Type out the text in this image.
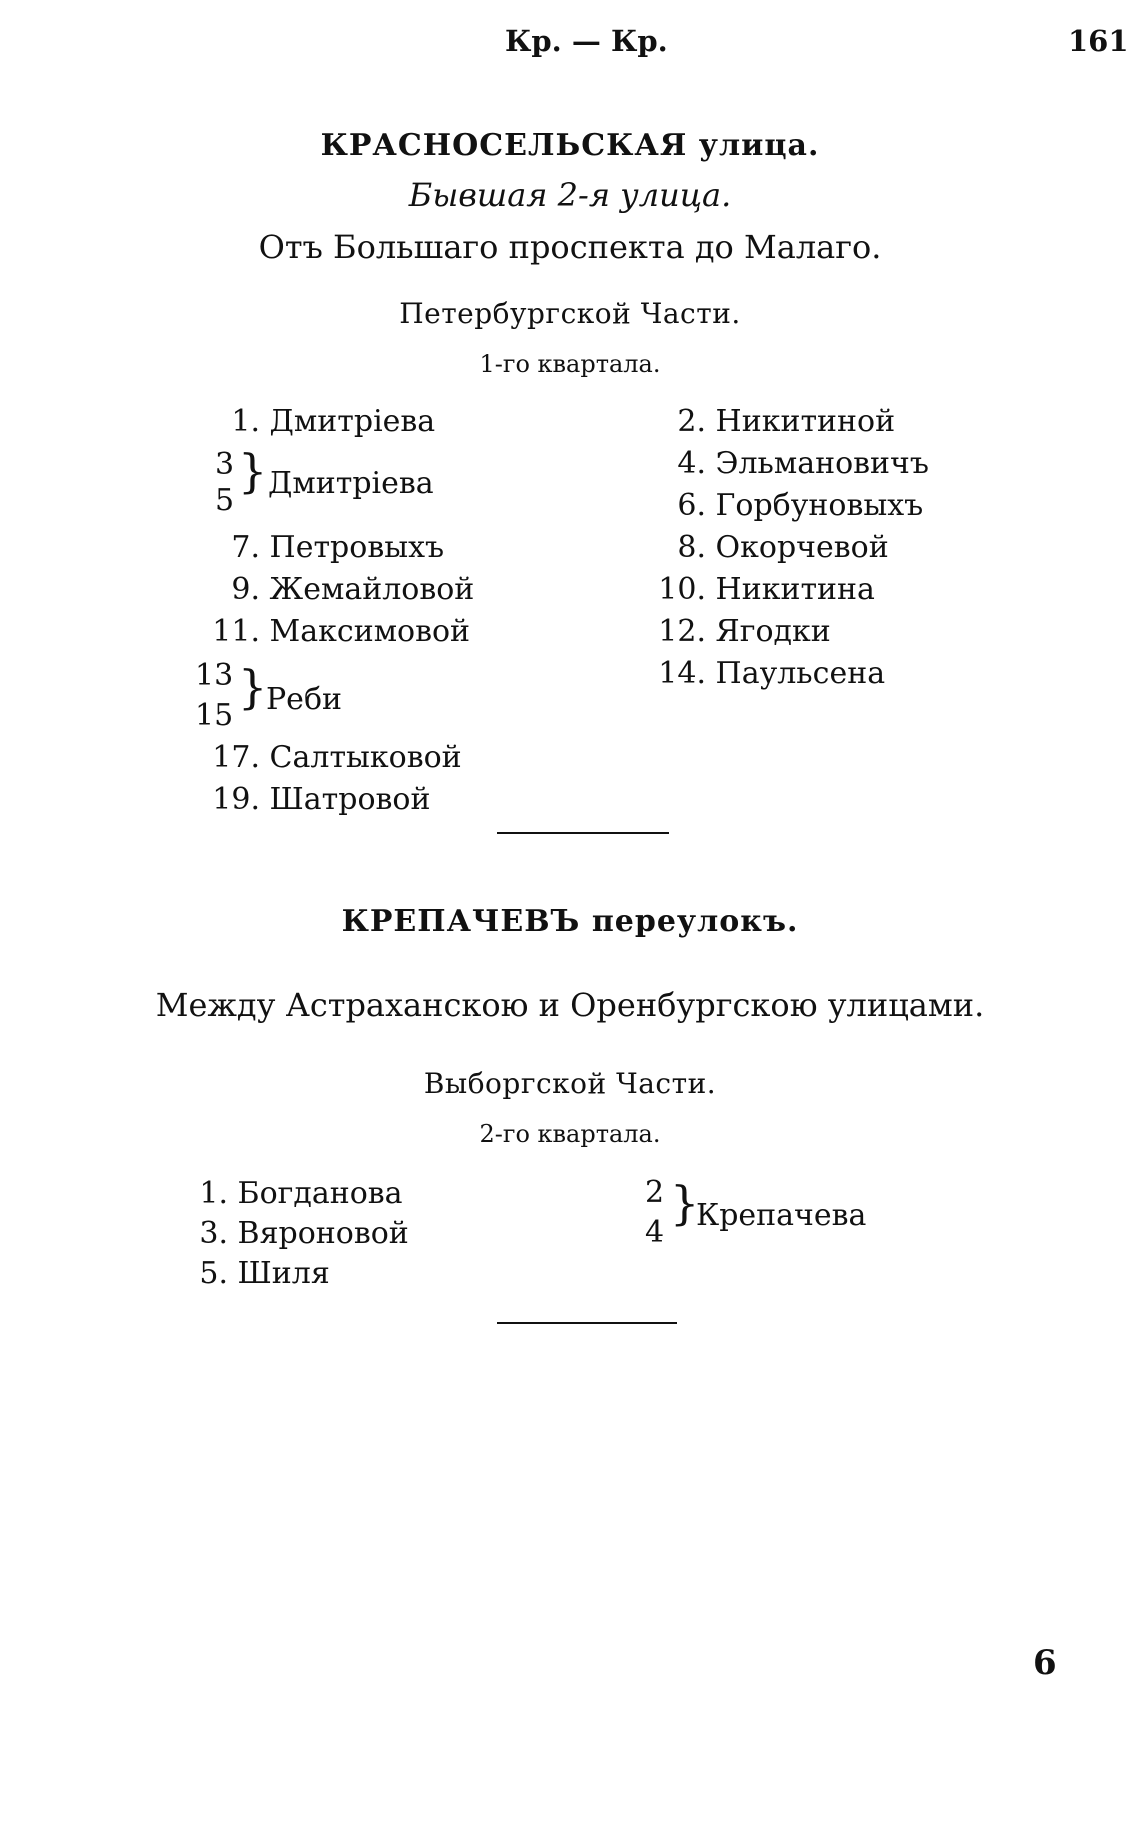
Кр. — Кр.	161
КРАСНОСЕЛЬСКАЯ улица.
Бывшая 2-я улица.
Отъ Большаго проспекта до Малаго.
Петербургской Части.
1-го квартала.
1. Дмитріева
3
5
} Дмитріева
7. Петровыхъ
9. Жемайловой
11. Максимовой
13
15
}
Реби
17. Салтыковой
19. Шатровой
2. Никитиной
4. Эльмановичъ
6. Горбуновыхъ
8. Окорчевой
10. Никитина
12. Ягодки
14. Паульсена
КРЕПАЧЕВЪ переулокъ.
Между Астраханскою и Оренбургскою улицами.
Выборгской Части.
2-го квартала.
1. Богданова
3. Вяроновой
5. Шиля
2
4
}
Крепачева
6
